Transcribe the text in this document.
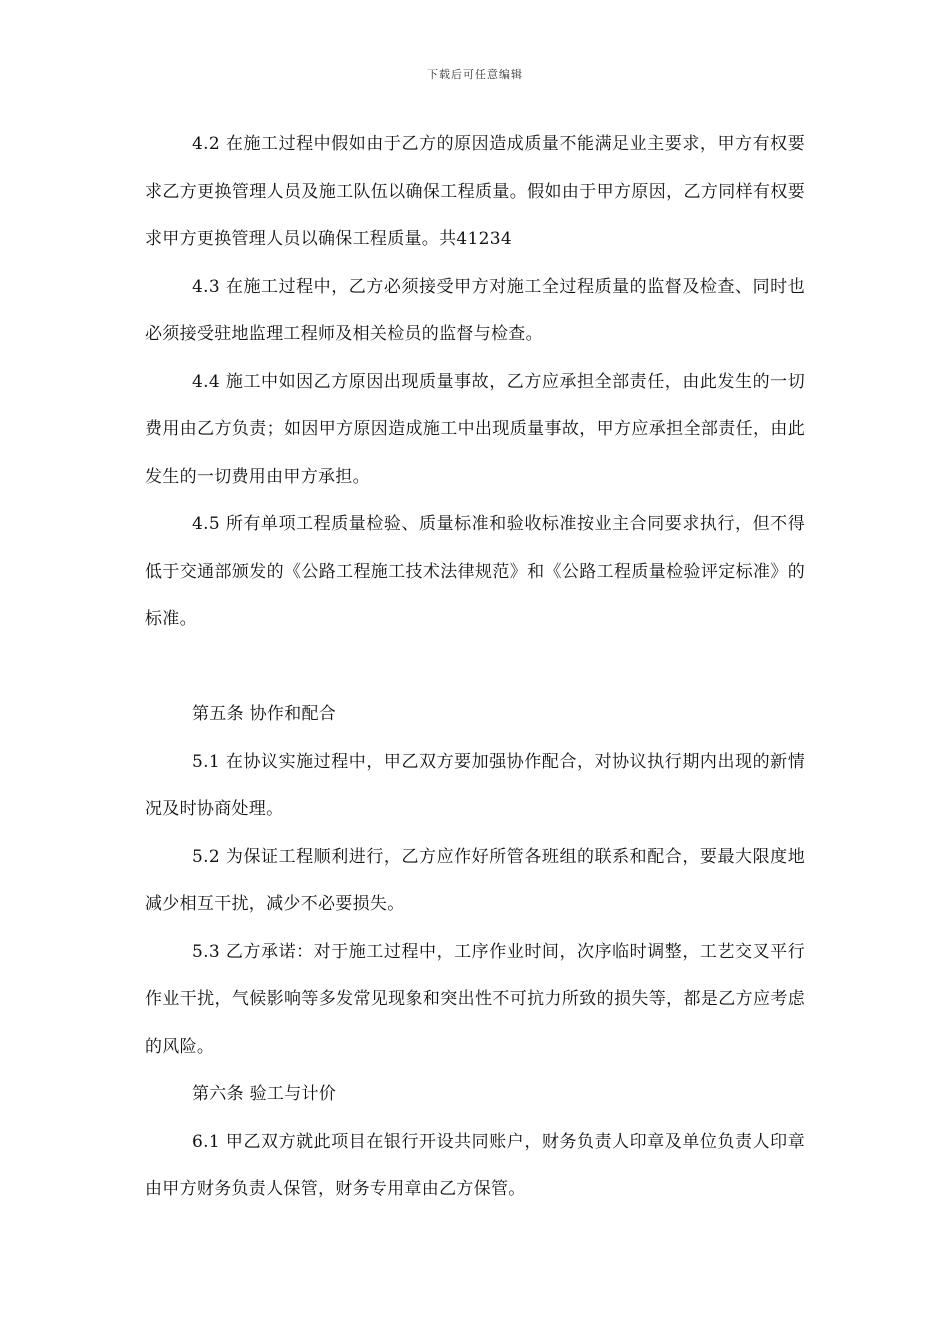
下载后可任意编辑

4.2 在施工过程中假如由于乙方的原因造成质量不能满足业主要求，甲方有权要求乙方更换管理人员及施工队伍以确保工程质量。假如由于甲方原因，乙方同样有权要求甲方更换管理人员以确保工程质量。共41234

4.3 在施工过程中，乙方必须接受甲方对施工全过程质量的监督及检查、同时也必须接受驻地监理工程师及相关检员的监督与检查。

4.4 施工中如因乙方原因出现质量事故，乙方应承担全部责任，由此发生的一切费用由乙方负责；如因甲方原因造成施工中出现质量事故，甲方应承担全部责任，由此发生的一切费用由甲方承担。

4.5 所有单项工程质量检验、质量标准和验收标准按业主合同要求执行，但不得低于交通部颁发的《公路工程施工技术法律规范》和《公路工程质量检验评定标准》的标准。

第五条 协作和配合

5.1 在协议实施过程中，甲乙双方要加强协作配合，对协议执行期内出现的新情况及时协商处理。

5.2 为保证工程顺利进行，乙方应作好所管各班组的联系和配合，要最大限度地减少相互干扰，减少不必要损失。

5.3 乙方承诺：对于施工过程中，工序作业时间，次序临时调整，工艺交叉平行作业干扰，气候影响等多发常见现象和突出性不可抗力所致的损失等，都是乙方应考虑的风险。

第六条 验工与计价

6.1 甲乙双方就此项目在银行开设共同账户，财务负责人印章及单位负责人印章由甲方财务负责人保管，财务专用章由乙方保管。
